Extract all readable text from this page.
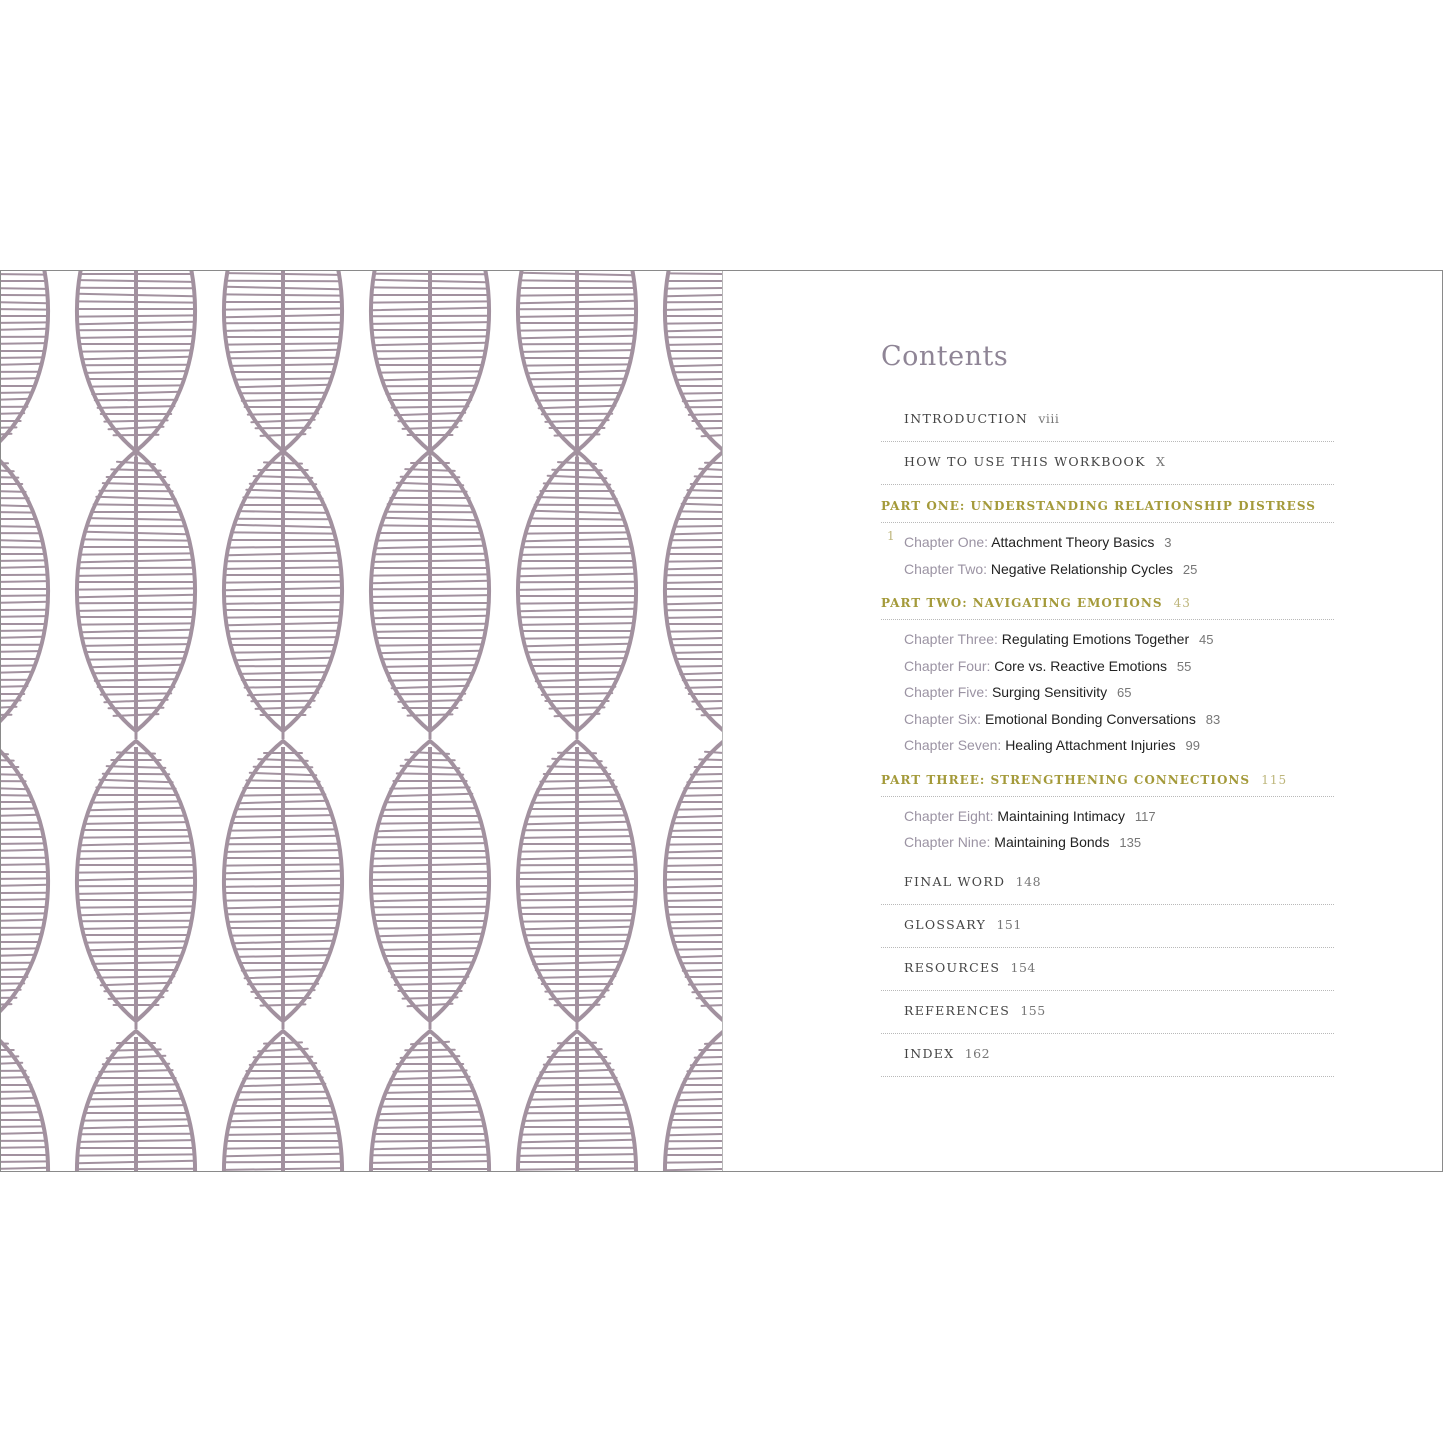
Contents
INTRODUCTION viii
HOW TO USE THIS WORKBOOK X
PART ONE: UNDERSTANDING RELATIONSHIP DISTRESS 1 Chapter One: Attachment Theory Basics 3
Chapter Two: Negative Relationship Cycles 25
PART TWO: NAVIGATING EMOTIONS 43
Chapter Three: Regulating Emotions Together 45
Chapter Four: Core vs. Reactive Emotions 55
Chapter Five: Surging Sensitivity 65
Chapter Six: Emotional Bonding Conversations 83
Chapter Seven: Healing Attachment Injuries 99
PART THREE: STRENGTHENING CONNECTIONS 115
Chapter Eight: Maintaining Intimacy 117
Chapter Nine: Maintaining Bonds 135
FINAL WORD 148
GLOSSARY 151
RESOURCES 154
REFERENCES 155
INDEX 162
